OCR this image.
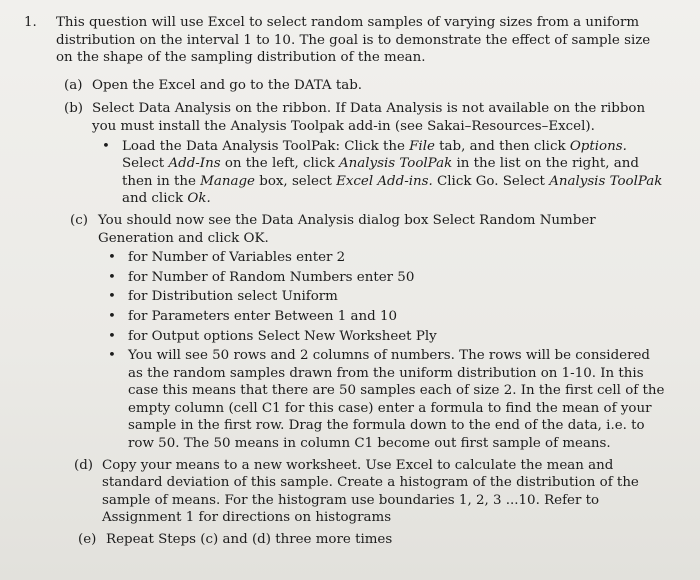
1.	This question will use Excel to select random samples of varying sizes from a uniform distribution on the interval 1 to 10. The goal is to demonstrate the effect of sample size on the shape of the sampling distribution of the mean.
(a) Open the Excel and go to the DATA tab.
(b) Select Data Analysis on the ribbon. If Data Analysis is not available on the ribbon you must install the Analysis Toolpak add-in (see Sakai–Resources–Excel).
• Load the Data Analysis ToolPak: Click the File tab, and then click Options. Select Add-Ins on the left, click Analysis ToolPak in the list on the right, and then in the Manage box, select Excel Add-ins. Click Go. Select Analysis ToolPak and click Ok.
(c) You should now see the Data Analysis dialog box Select Random Number Generation and click OK.
• for Number of Variables enter 2
• for Number of Random Numbers enter 50
• for Distribution select Uniform
• for Parameters enter Between 1 and 10
• for Output options Select New Worksheet Ply
• You will see 50 rows and 2 columns of numbers. The rows will be considered as the random samples drawn from the uniform distribution on 1-10. In this case this means that there are 50 samples each of size 2. In the first cell of the empty column (cell C1 for this case) enter a formula to find the mean of your sample in the first row. Drag the formula down to the end of the data, i.e. to row 50. The 50 means in column C1 become out first sample of means.
(d) Copy your means to a new worksheet. Use Excel to calculate the mean and standard deviation of this sample. Create a histogram of the distribution of the sample of means. For the histogram use boundaries 1, 2, 3 ...10. Refer to Assignment 1 for directions on histograms
(e) Repeat Steps (c) and (d) three more times
